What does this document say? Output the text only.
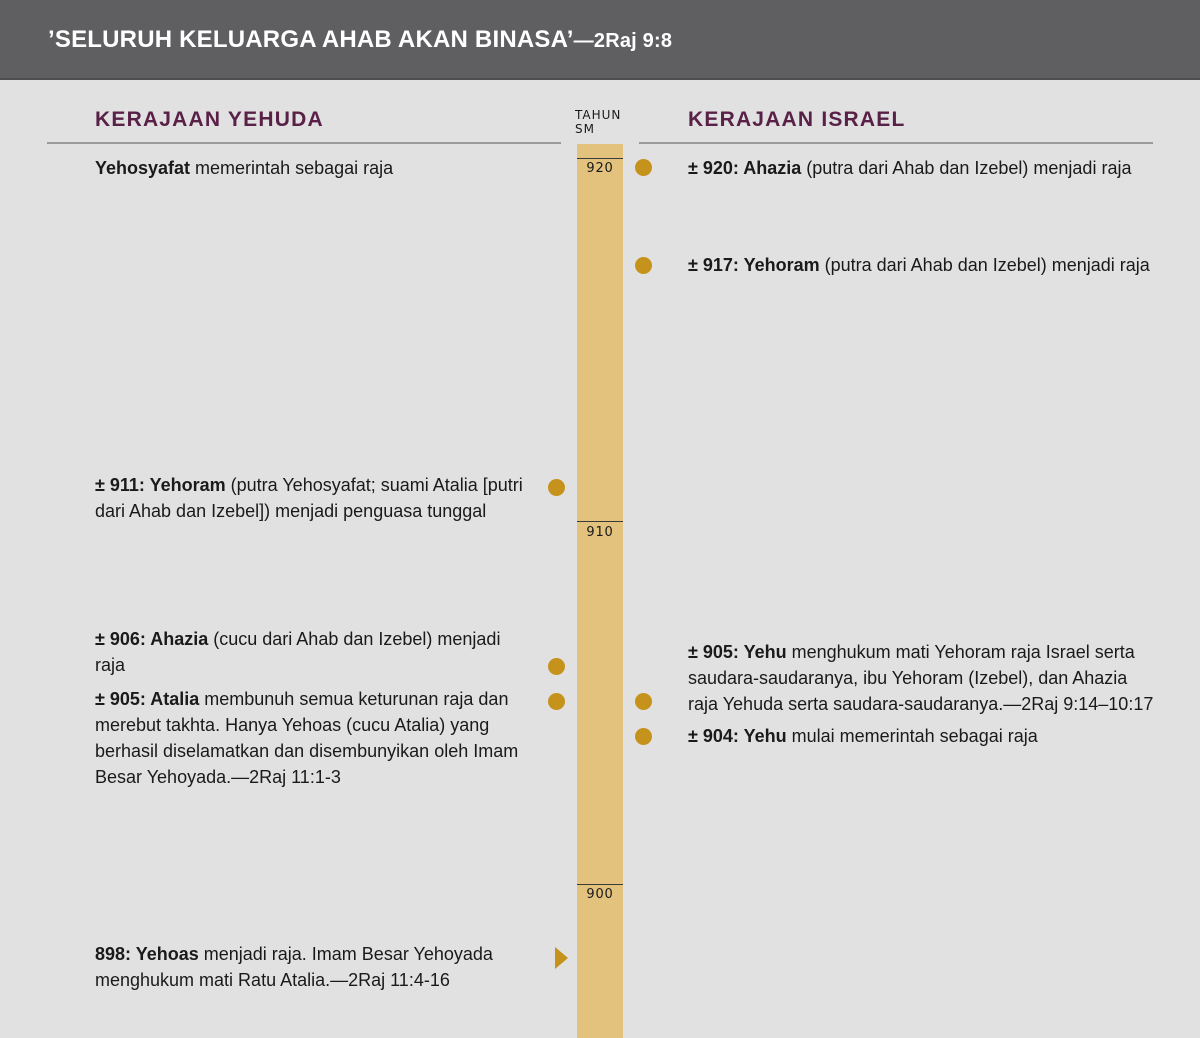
’SELURUH KELUARGA AHAB AKAN BINASA’—2Raj 9:8
KERAJAAN YEHUDA	KERAJAAN ISRAEL
TAHUN
SM
920
910
900
Yehosyafat memerintah sebagai raja
± 911: Yehoram (putra Yehosyafat; suami Atalia [putri dari Ahab dan Izebel]) menjadi penguasa tunggal
± 906: Ahazia (cucu dari Ahab dan Izebel) menjadi raja
± 905: Atalia membunuh semua keturunan raja dan merebut takhta. Hanya Yehoas (cucu Atalia) yang berhasil diselamatkan dan disembunyikan oleh Imam Besar Yehoyada.—2Raj 11:1-3
898: Yehoas menjadi raja. Imam Besar Yehoyada menghukum mati Ratu Atalia.—2Raj 11:4-16
± 920: Ahazia (putra dari Ahab dan Izebel) menjadi raja
± 917: Yehoram (putra dari Ahab dan Izebel) menjadi raja
± 905: Yehu menghukum mati Yehoram raja Israel serta saudara-saudaranya, ibu Yehoram (Izebel), dan Ahazia raja Yehuda serta saudara-saudaranya.—2Raj 9:14–10:17
± 904: Yehu mulai memerintah sebagai raja
